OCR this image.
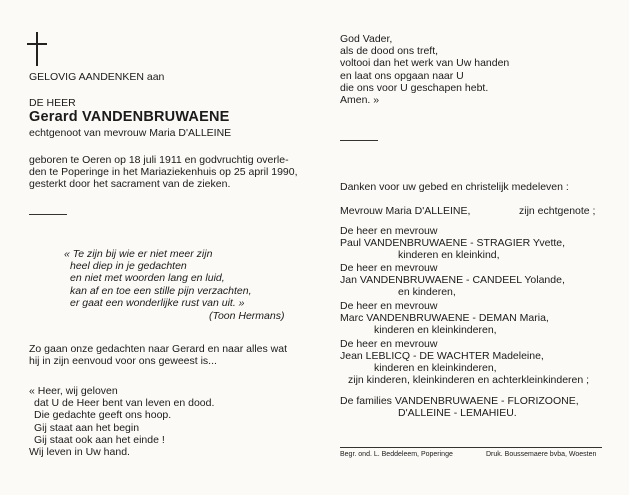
GELOVIG AANDENKEN aan
DE HEER
Gerard VANDENBRUWAENE
echtgenoot van mevrouw Maria D'ALLEINE
geboren te Oeren op 18 juli 1911 en godvruchtig overle-
den te Poperinge in het Mariaziekenhuis op 25 april 1990,
gesterkt door het sacrament van de zieken.
« Te zijn bij wie er niet meer zijn
heel diep in je gedachten
en niet met woorden lang en luid,
kan af en toe een stille pijn verzachten,
er gaat een wonderlijke rust van uit. »
(Toon Hermans)
Zo gaan onze gedachten naar Gerard en naar alles wat
hij in zijn eenvoud voor ons geweest is...
« Heer, wij geloven
dat U de Heer bent van leven en dood.
Die gedachte geeft ons hoop.
Gij staat aan het begin
Gij staat ook aan het einde !
Wij leven in Uw hand.
God Vader,
als de dood ons treft,
voltooi dan het werk van Uw handen
en laat ons opgaan naar U
die ons voor U geschapen hebt.
Amen. »
Danken voor uw gebed en christelijk medeleven :
Mevrouw Maria D'ALLEINE,	zijn echtgenote ;
De heer en mevrouw
Paul VANDENBRUWAENE - STRAGIER Yvette,
kinderen en kleinkind,
De heer en mevrouw
Jan VANDENBRUWAENE - CANDEEL Yolande,
en kinderen,
De heer en mevrouw
Marc VANDENBRUWAENE - DEMAN Maria,
kinderen en kleinkinderen,
De heer en mevrouw
Jean LEBLICQ - DE WACHTER Madeleine,
kinderen en kleinkinderen,
zijn kinderen, kleinkinderen en achterkleinkinderen ;
De families VANDENBRUWAENE - FLORIZOONE,
D'ALLEINE - LEMAHIEU.
Begr. ond. L. Beddeleem, Poperinge	Druk. Boussemaere bvba, Woesten
